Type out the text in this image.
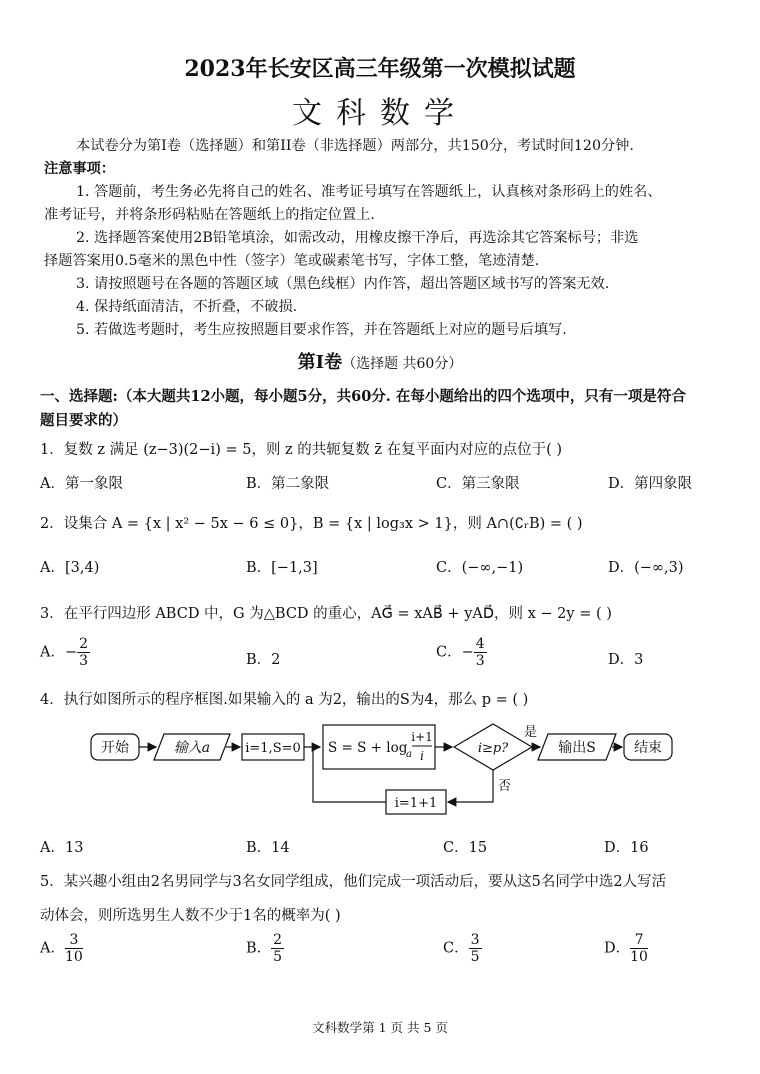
2023年长安区高三年级第一次模拟试题
文科数学
本试卷分为第I卷（选择题）和第II卷（非选择题）两部分，共150分，考试时间120分钟.
注意事项：
1. 答题前，考生务必先将自己的姓名、准考证号填写在答题纸上，认真核对条形码上的姓名、
准考证号，并将条形码粘贴在答题纸上的指定位置上.
2. 选择题答案使用2B铅笔填涂，如需改动，用橡皮擦干净后，再选涂其它答案标号；非选
择题答案用0.5毫米的黑色中性（签字）笔或碳素笔书写，字体工整，笔迹清楚.
3. 请按照题号在各题的答题区域（黑色线框）内作答，超出答题区域书写的答案无效.
4. 保持纸面清洁，不折叠，不破损.
5. 若做选考题时，考生应按照题目要求作答，并在答题纸上对应的题号后填写.
第I卷（选择题 共60分）
一、选择题:（本大题共12小题，每小题5分，共60分. 在每小题给出的四个选项中，只有一项是符合
题目要求的）
1．复数 z 满足 (z−3)(2−i) = 5，则 z 的共轭复数 z̄ 在复平面内对应的点位于( )
A．第一象限	B．第二象限	C．第三象限	D．第四象限
2．设集合 A = {x | x² − 5x − 6 ≤ 0}，B = {x | log₃x > 1}，则 A∩(∁ᵣB) = ( )
A．[3,4)	B．[−1,3]	C．(−∞,−1)	D．(−∞,3)
3．在平行四边形 ABCD 中，G 为△BCD 的重心，AG⃗ = xAB⃗ + yAD⃗，则 x − 2y = ( )
A．− $\frac{2}{3}$	B．2	C．− $\frac{4}{3}$	D．3
4．执行如图所示的程序框图.如果输入的 a 为2，输出的S为4，那么 p = ( )
开始	输入a	i=1,S=0 S = S + log
a
i+1
i	i≥p?
是
否
输出S	结束
i=1+1
A．13	B．14	C．15	D．16
5．某兴趣小组由2名男同学与3名女同学组成，他们完成一项活动后，要从这5名同学中选2人写活
动体会，则所选男生人数不少于1名的概率为( )
A． $\frac{3}{10}$	B． $\frac{2}{5}$	C． $\frac{3}{5}$	D． $\frac{7}{10}$
文科数学第 1 页 共 5 页
